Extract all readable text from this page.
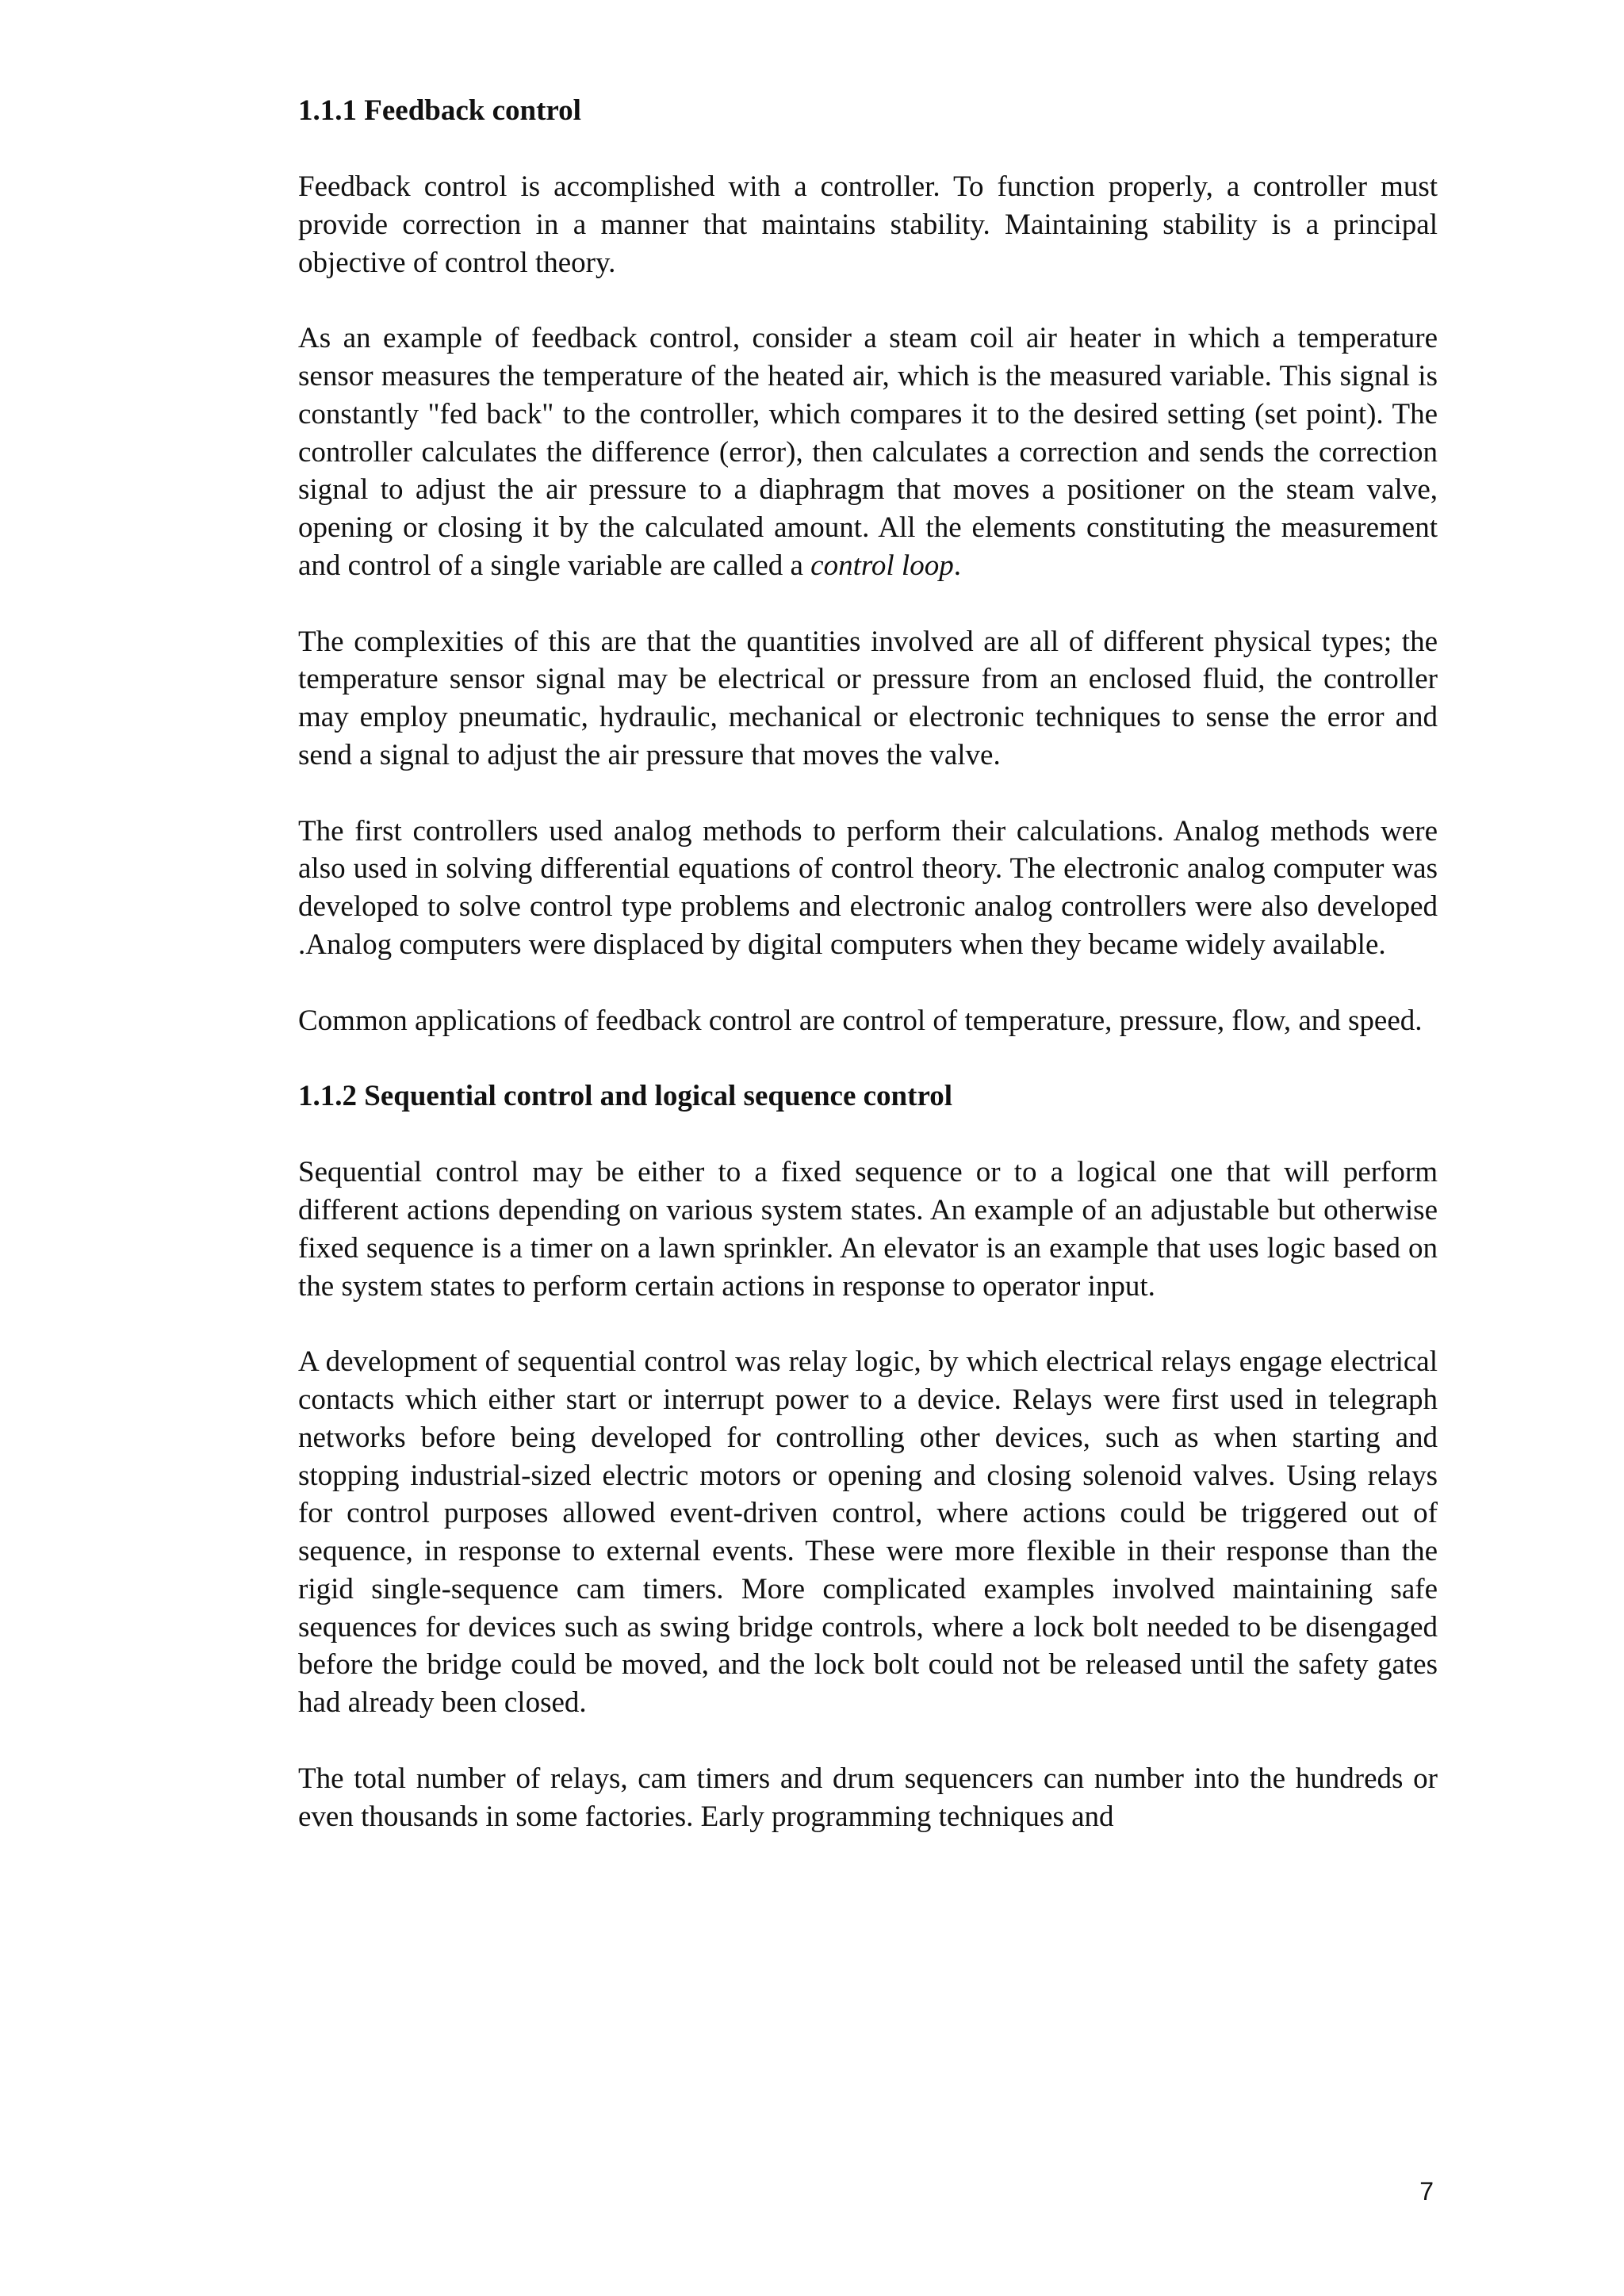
1.1.1 Feedback control

Feedback control is accomplished with a controller. To function properly, a controller must provide correction in a manner that maintains stability. Maintaining stability is a principal objective of control theory.

As an example of feedback control, consider a steam coil air heater in which a temperature sensor measures the temperature of the heated air, which is the measured variable. This signal is constantly "fed back" to the controller, which compares it to the desired setting (set point). The controller calculates the difference (error), then calculates a correction and sends the correction signal to adjust the air pressure to a diaphragm that moves a positioner on the steam valve, opening or closing it by the calculated amount. All the elements constituting the measurement and control of a single variable are called a control loop.

The complexities of this are that the quantities involved are all of different physical types; the temperature sensor signal may be electrical or pressure from an enclosed fluid, the controller may employ pneumatic, hydraulic, mechanical or electronic techniques to sense the error and send a signal to adjust the air pressure that moves the valve.

The first controllers used analog methods to perform their calculations. Analog methods were also used in solving differential equations of control theory. The electronic analog computer was developed to solve control type problems and electronic analog controllers were also developed .Analog computers were displaced by digital computers when they became widely available.

Common applications of feedback control are control of temperature, pressure, flow, and speed.

1.1.2 Sequential control and logical sequence control

Sequential control may be either to a fixed sequence or to a logical one that will perform different actions depending on various system states. An example of an adjustable but otherwise fixed sequence is a timer on a lawn sprinkler. An elevator is an example that uses logic based on the system states to perform certain actions in response to operator input.

A development of sequential control was relay logic, by which electrical relays engage electrical contacts which either start or interrupt power to a device. Relays were first used in telegraph networks before being developed for controlling other devices, such as when starting and stopping industrial-sized electric motors or opening and closing solenoid valves. Using relays for control purposes allowed event-driven control, where actions could be triggered out of sequence, in response to external events. These were more flexible in their response than the rigid single-sequence cam timers. More complicated examples involved maintaining safe sequences for devices such as swing bridge controls, where a lock bolt needed to be disengaged before the bridge could be moved, and the lock bolt could not be released until the safety gates had already been closed.

The total number of relays, cam timers and drum sequencers can number into the hundreds or even thousands in some factories. Early programming techniques and

7
